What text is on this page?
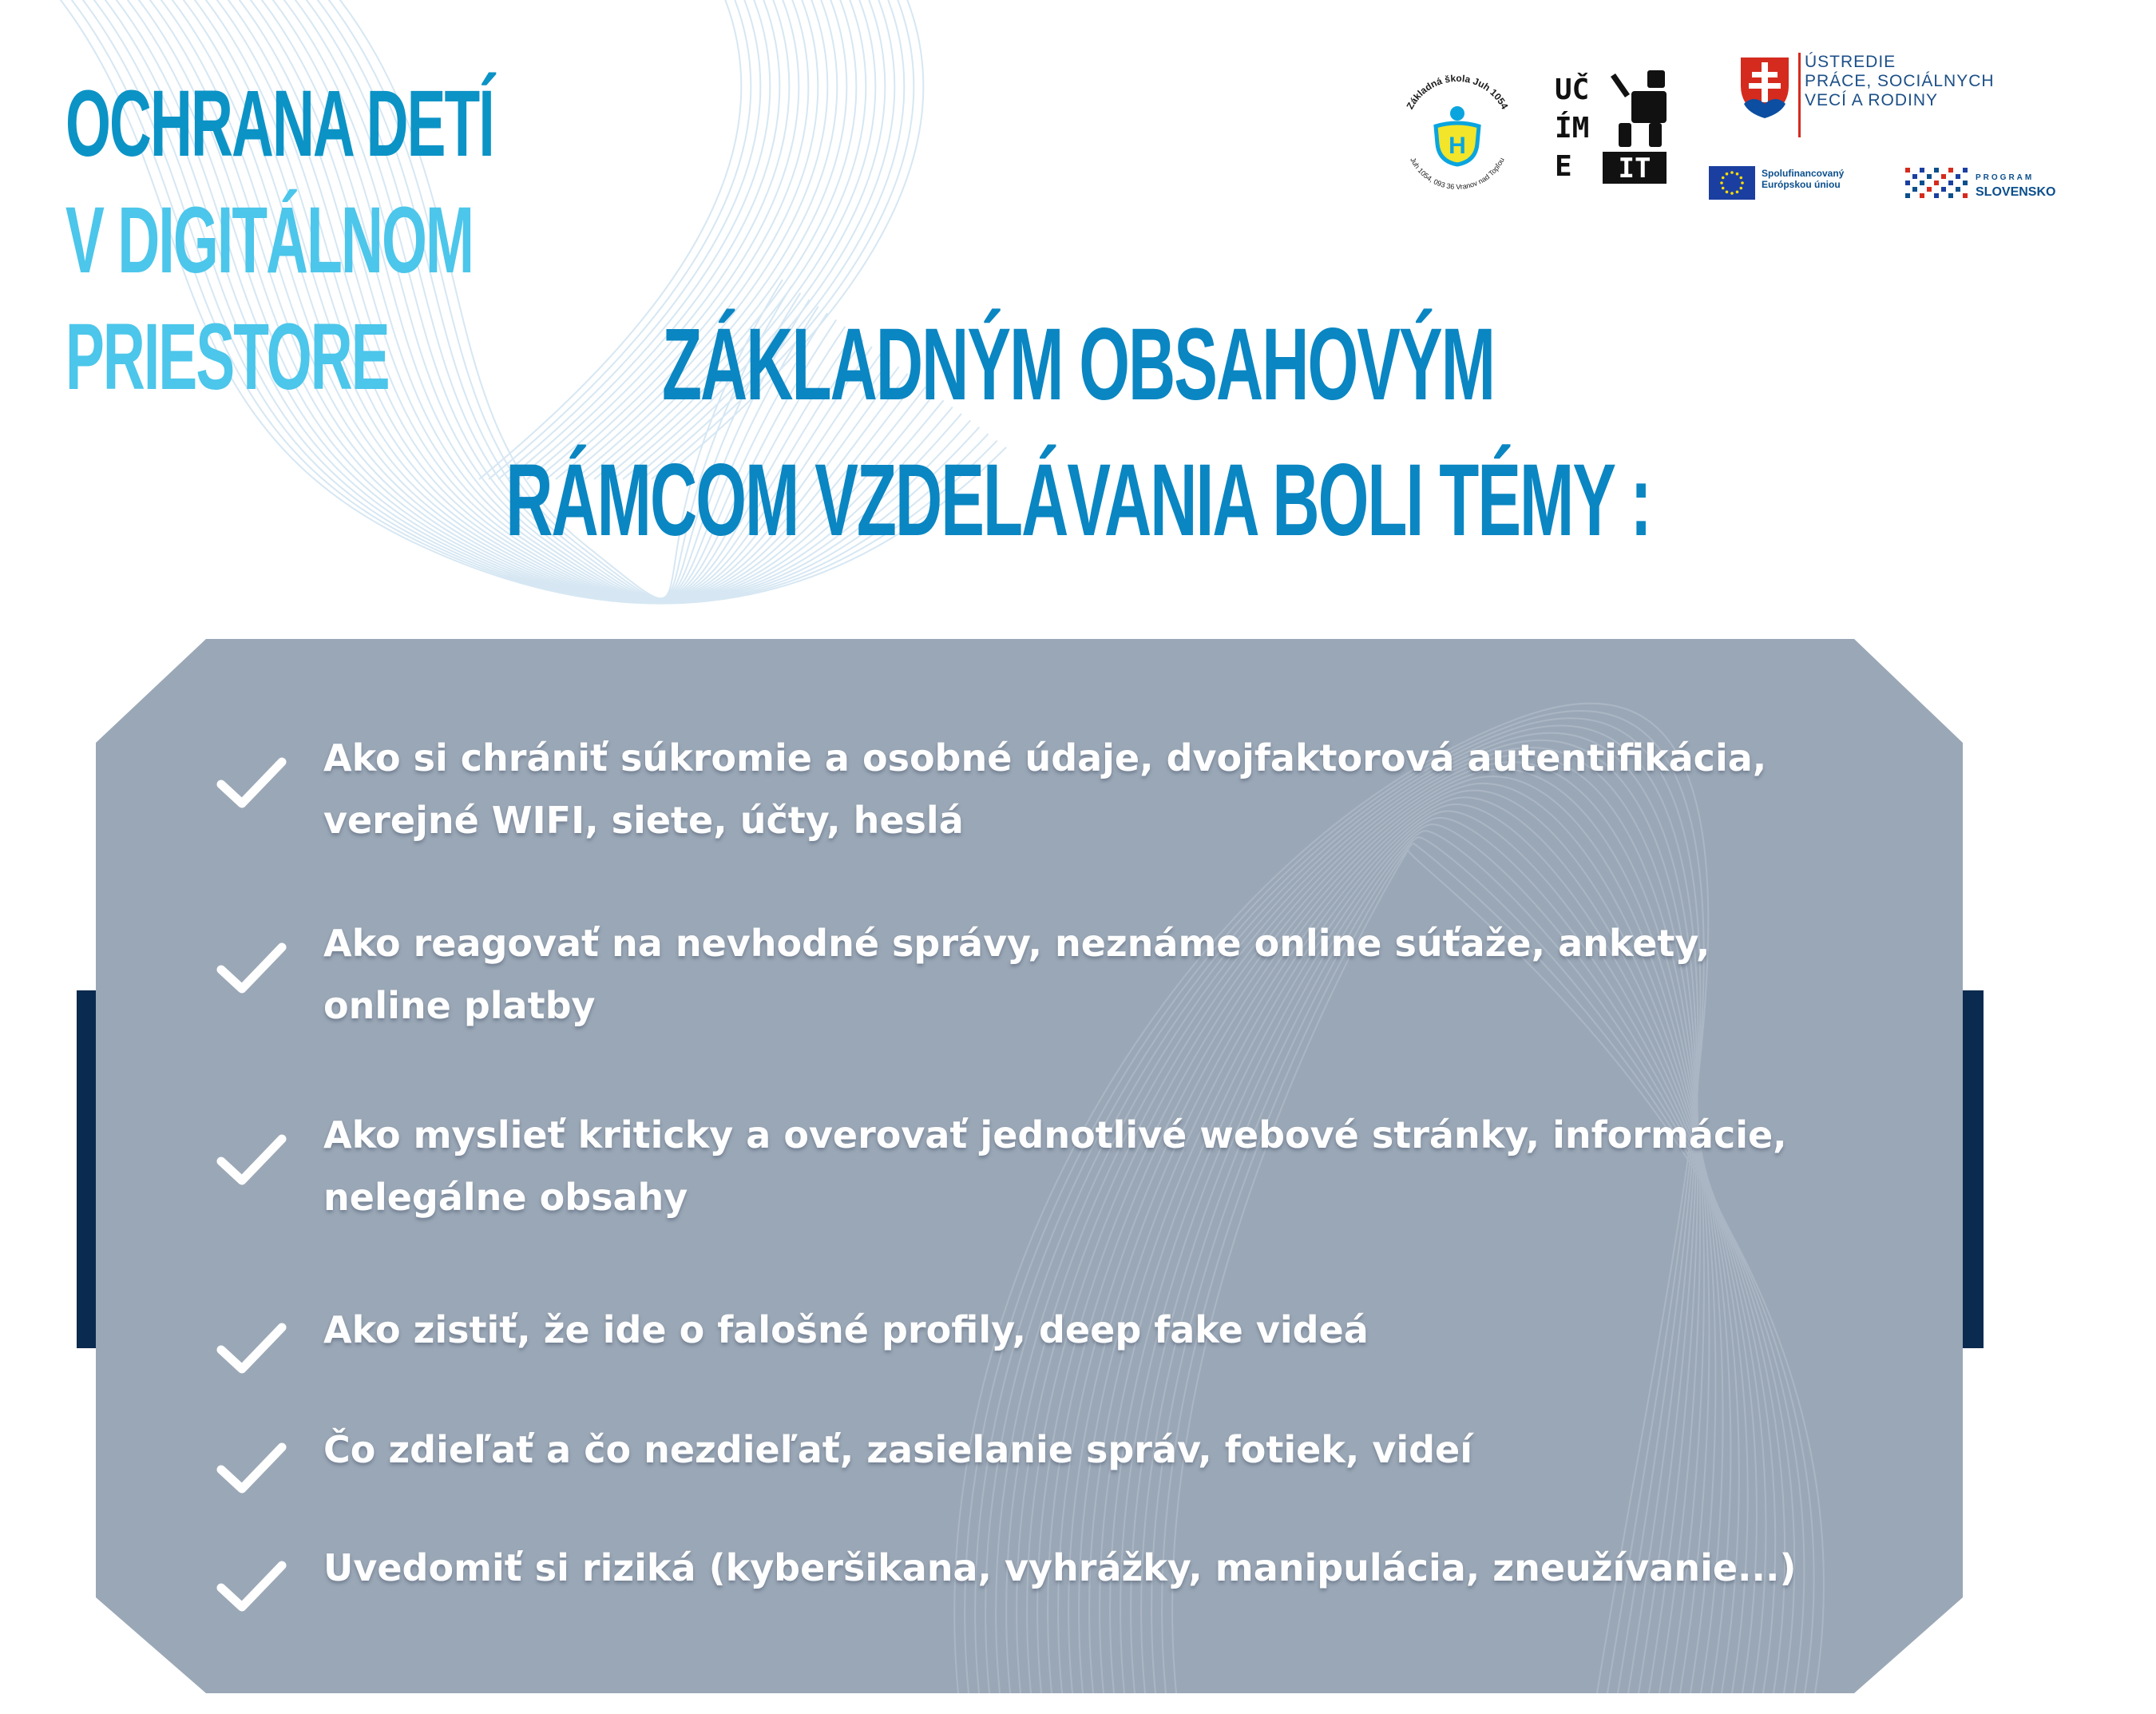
OCHRANA DETÍ
V DIGITÁLNOM
PRIESTORE	ZÁKLADNÝM OBSAHOVÝM
RÁMCOM VZDELÁVANIA BOLI TÉMY :
Základná škola Juh 1054
Juh 1054, 093 36 Vranov nad Topľou
H
UČ
ÍM
E IT
ÚSTREDIE
PRÁCE, SOCIÁLNYCH
VECÍ A RODINY
Spolufinancovaný
Európskou úniou
PROGRAM
SLOVENSKO
Ako si chrániť súkromie a osobné údaje, dvojfaktorová autentifikácia,
verejné WIFI, siete, účty, heslá
Ako reagovať na nevhodné správy, neznáme online súťaže, ankety,
online platby
Ako myslieť kriticky a overovať jednotlivé webové stránky, informácie,
nelegálne obsahy
Ako zistiť, že ide o falošné profily, deep fake videá
Čo zdieľať a čo nezdieľať, zasielanie správ, fotiek, videí
Uvedomiť si riziká (kyberšikana, vyhrážky, manipulácia, zneužívanie...)
